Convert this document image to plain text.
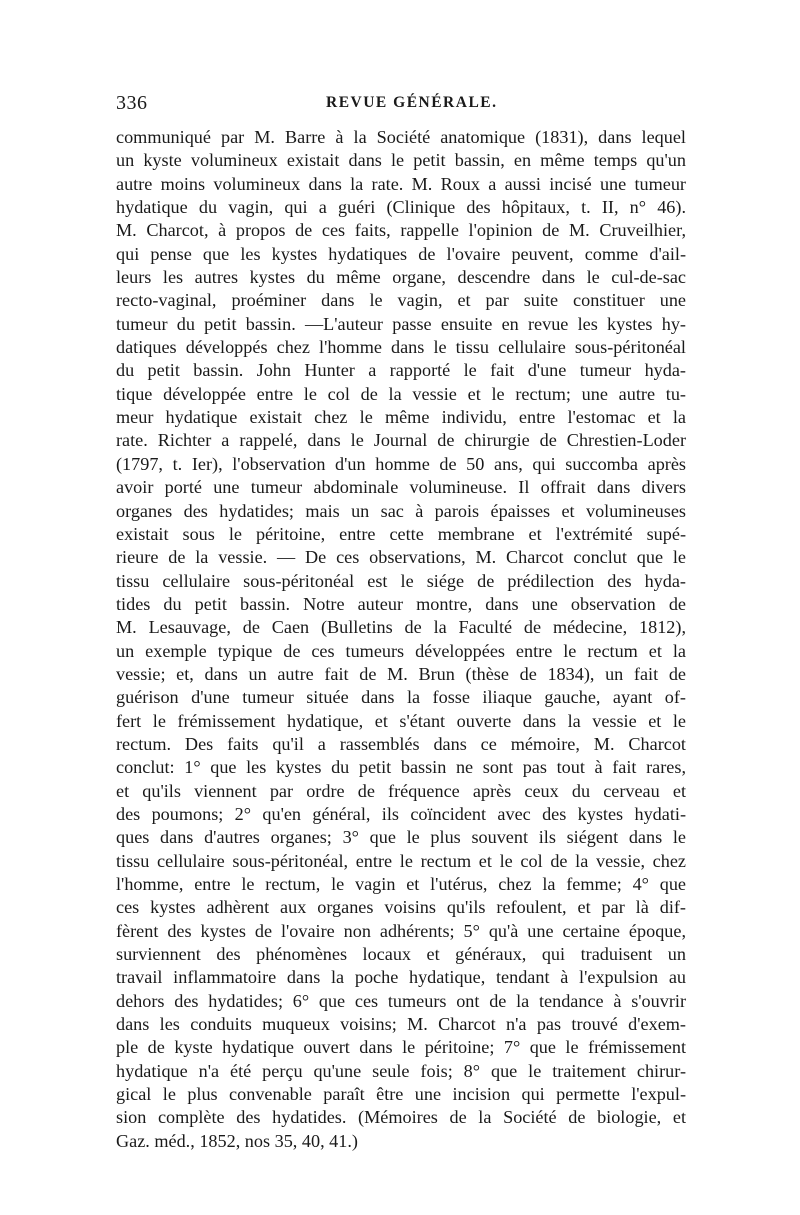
336	REVUE GÉNÉRALE.
communiqué par M. Barre à la Société anatomique (1831), dans lequel
un kyste volumineux existait dans le petit bassin, en même temps qu'un
autre moins volumineux dans la rate. M. Roux a aussi incisé une tumeur
hydatique du vagin, qui a guéri (Clinique des hôpitaux, t. II, n° 46).
M. Charcot, à propos de ces faits, rappelle l'opinion de M. Cruveilhier,
qui pense que les kystes hydatiques de l'ovaire peuvent, comme d'ail-
leurs les autres kystes du même organe, descendre dans le cul-de-sac
recto-vaginal, proéminer dans le vagin, et par suite constituer une
tumeur du petit bassin. —L'auteur passe ensuite en revue les kystes hy-
datiques développés chez l'homme dans le tissu cellulaire sous-péritonéal
du petit bassin. John Hunter a rapporté le fait d'une tumeur hyda-
tique développée entre le col de la vessie et le rectum; une autre tu-
meur hydatique existait chez le même individu, entre l'estomac et la
rate. Richter a rappelé, dans le Journal de chirurgie de Chrestien-Loder
(1797, t. Ier), l'observation d'un homme de 50 ans, qui succomba après
avoir porté une tumeur abdominale volumineuse. Il offrait dans divers
organes des hydatides; mais un sac à parois épaisses et volumineuses
existait sous le péritoine, entre cette membrane et l'extrémité supé-
rieure de la vessie. — De ces observations, M. Charcot conclut que le
tissu cellulaire sous-péritonéal est le siége de prédilection des hyda-
tides du petit bassin. Notre auteur montre, dans une observation de
M. Lesauvage, de Caen (Bulletins de la Faculté de médecine, 1812),
un exemple typique de ces tumeurs développées entre le rectum et la
vessie; et, dans un autre fait de M. Brun (thèse de 1834), un fait de
guérison d'une tumeur située dans la fosse iliaque gauche, ayant of-
fert le frémissement hydatique, et s'étant ouverte dans la vessie et le
rectum. Des faits qu'il a rassemblés dans ce mémoire, M. Charcot
conclut: 1° que les kystes du petit bassin ne sont pas tout à fait rares,
et qu'ils viennent par ordre de fréquence après ceux du cerveau et
des poumons; 2° qu'en général, ils coïncident avec des kystes hydati-
ques dans d'autres organes; 3° que le plus souvent ils siégent dans le
tissu cellulaire sous-péritonéal, entre le rectum et le col de la vessie, chez
l'homme, entre le rectum, le vagin et l'utérus, chez la femme; 4° que
ces kystes adhèrent aux organes voisins qu'ils refoulent, et par là dif-
fèrent des kystes de l'ovaire non adhérents; 5° qu'à une certaine époque,
surviennent des phénomènes locaux et généraux, qui traduisent un
travail inflammatoire dans la poche hydatique, tendant à l'expulsion au
dehors des hydatides; 6° que ces tumeurs ont de la tendance à s'ouvrir
dans les conduits muqueux voisins; M. Charcot n'a pas trouvé d'exem-
ple de kyste hydatique ouvert dans le péritoine; 7° que le frémissement
hydatique n'a été perçu qu'une seule fois; 8° que le traitement chirur-
gical le plus convenable paraît être une incision qui permette l'expul-
sion complète des hydatides. (Mémoires de la Société de biologie, et
Gaz. méd., 1852, nos 35, 40, 41.)
